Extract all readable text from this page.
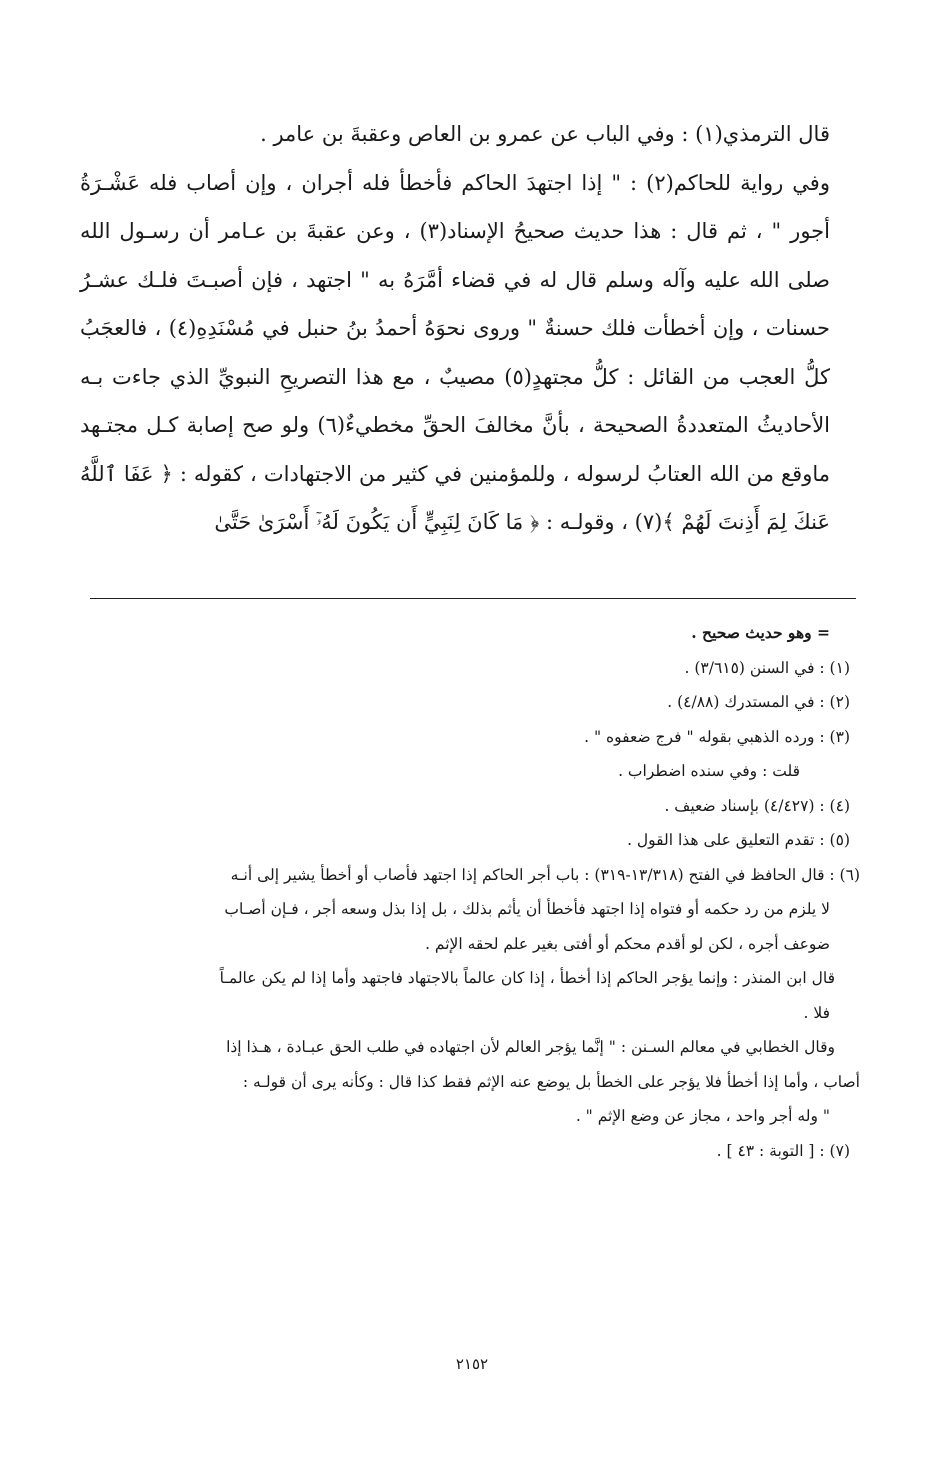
قال الترمذي(١) : وفي الباب عن عمرو بن العاص وعقبةَ بن عامر .

وفي رواية للحاكم(٢) : " إذا اجتهدَ الحاكم فأخطأ فله أجران ، وإن أصاب فله عَشْـرَةُ أجور " ، ثم قال : هذا حديث صحيحُ الإسناد(٣) ، وعن عقبةَ بن عـامر أن رسـول الله صلى الله عليه وآله وسلم قال له في قضاء أمَّرَهُ به " اجتهد ، فإن أصبـتَ فلـك عشـرُ حسنات ، وإن أخطأت فلك حسنةٌ " وروى نحوَهُ أحمدُ بنُ حنبل في مُسْنَدِهِ(٤) ، فالعجَبُ كلُّ العجب من القائل : كلُّ مجتهدٍ(٥) مصيبٌ ، مع هذا التصريحِ النبويِّ الذي جاءت بـه الأحاديثُ المتعددةُ الصحيحة ، بأنَّ مخالفَ الحقِّ مخطيءٌ(٦) ولو صح إصابة كـل مجتـهد ماوقع من الله العتابُ لرسوله ، وللمؤمنين في كثير من الاجتهادات ، كقوله : ﴿ عَفَا ٱللَّهُ عَنكَ لِمَ أَذِنتَ لَهُمْ ﴾(٧) ، وقولـه : ﴿ مَا كَانَ لِنَبِيٍّ أَن يَكُونَ لَهُۥٓ أَسْرَىٰ حَتَّىٰ

= وهو حديث صحيح .
(١) : في السنن (٣/٦١٥) .
(٢) : في المستدرك (٤/٨٨) .
(٣) : ورده الذهبي بقوله " فرج ضعفوه " .
قلت : وفي سنده اضطراب .
(٤) : (٤/٤٢٧) بإسناد ضعيف .
(٥) : تقدم التعليق على هذا القول .
(٦) : قال الحافظ في الفتح (١٣/٣١٨-٣١٩) : باب أجر الحاكم إذا اجتهد فأصاب أو أخطأ يشير إلى أنـه
لا يلزم من رد حكمه أو فتواه إذا اجتهد فأخطأ أن يأثم بذلك ، بل إذا بذل وسعه أجر ، فـإن أصـاب
ضوعف أجره ، لكن لو أقدم محكم أو أفتى بغير علم لحقه الإثم .
قال ابن المنذر : وإنما يؤجر الحاكم إذا أخطأ ، إذا كان عالماً بالاجتهاد فاجتهد وأما إذا لم يكن عالمـاً
فلا .
وقال الخطابي في معالم السـنن : " إنَّما يؤجر العالم لأن اجتهاده في طلب الحق عبـادة ، هـذا إذا
أصاب ، وأما إذا أخطأ فلا يؤجر على الخطأ بل يوضع عنه الإثم فقط كذا قال : وكأنه يرى أن قولـه :
" وله أجر واحد ، مجاز عن وضع الإثم " .
(٧) : [ التوبة : ٤٣ ] .
٢١٥٢
